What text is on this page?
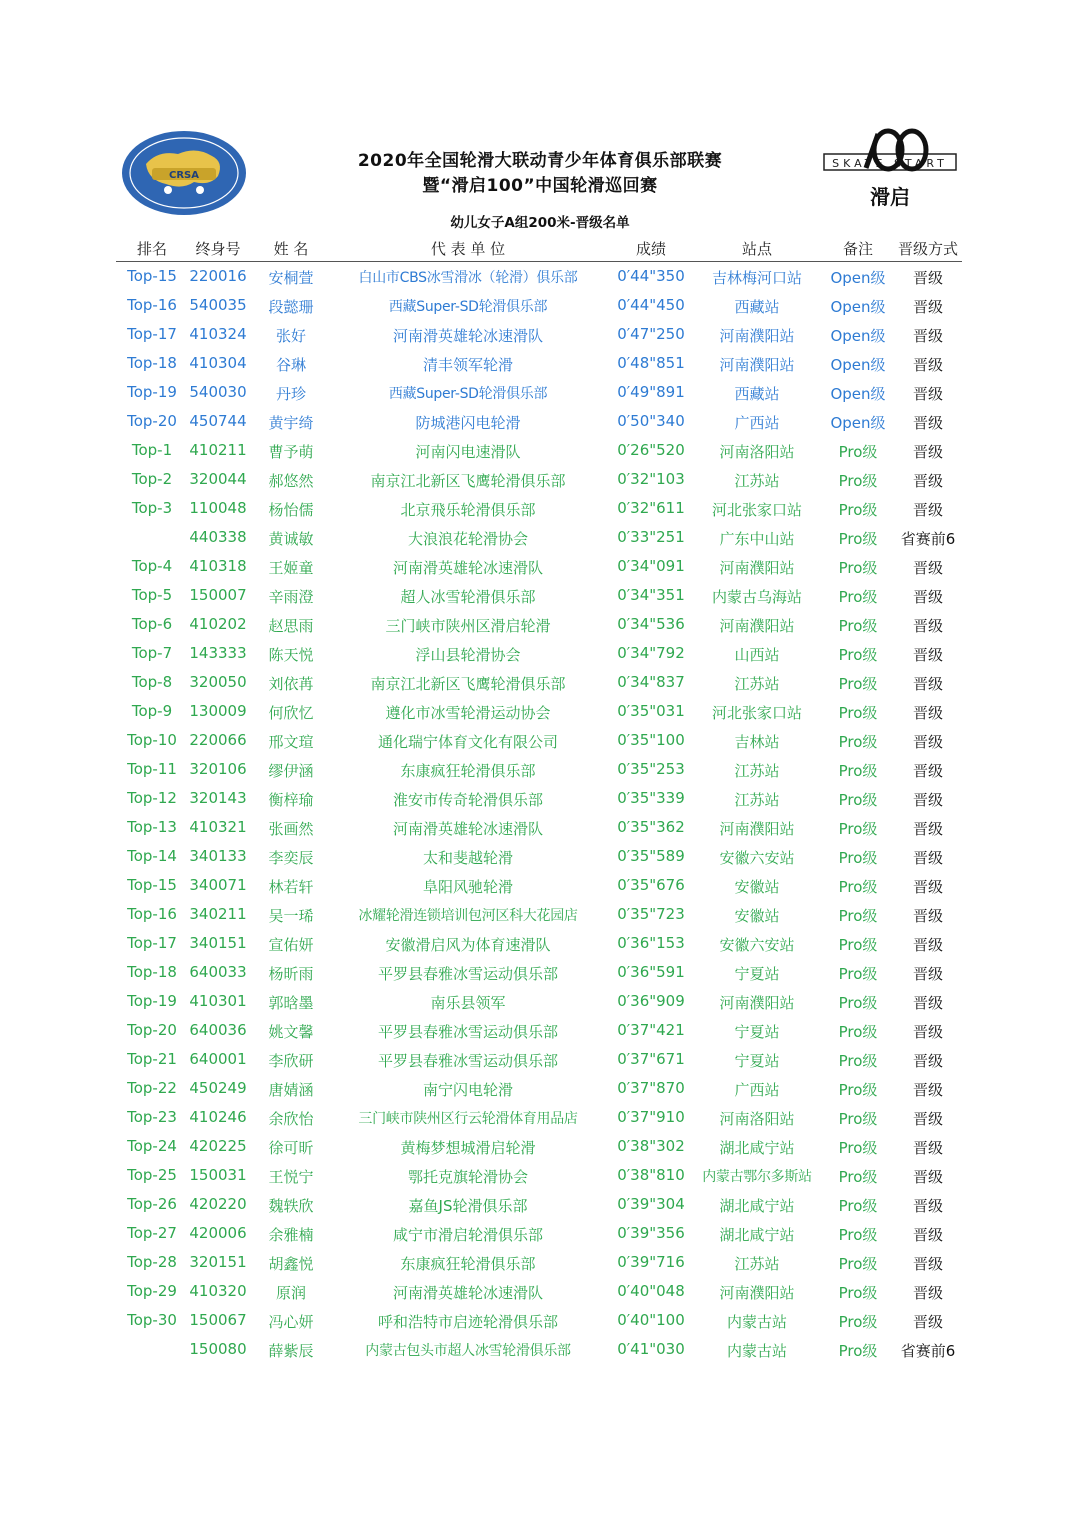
CRSA
SKATE START
滑启
2020年全国轮滑大联动青少年体育俱乐部联赛
暨“滑启100”中国轮滑巡回赛
幼儿女子A组200米-晋级名单
排名	终身号	姓 名	代 表 单 位	成绩	站点	备注	晋级方式
Top-15 220016	安桐萱	白山市CBS冰雪滑冰（轮滑）俱乐部	0′44"350	吉林梅河口站	Open级	晋级
Top-16 540035	段懿珊	西藏Super-SD轮滑俱乐部	0′44"450	西藏站	Open级	晋级
Top-17 410324	张好	河南滑英雄轮冰速滑队	0′47"250	河南濮阳站	Open级	晋级
Top-18 410304	谷琳	清丰领军轮滑	0′48"851	河南濮阳站	Open级	晋级
Top-19 540030	丹珍	西藏Super-SD轮滑俱乐部	0′49"891	西藏站	Open级	晋级
Top-20 450744	黄宇绮	防城港闪电轮滑	0′50"340	广西站	Open级	晋级
Top-1	410211	曹予萌	河南闪电速滑队	0′26"520	河南洛阳站	Pro级	晋级
Top-2	320044	郝悠然	南京江北新区飞鹰轮滑俱乐部	0′32"103	江苏站	Pro级	晋级
Top-3	110048	杨怡儒	北京飛乐轮滑俱乐部	0′32"611	河北张家口站	Pro级	晋级
440338	黄诚敏	大浪浪花轮滑协会	0′33"251	广东中山站	Pro级	省赛前6
Top-4	410318	王姬童	河南滑英雄轮冰速滑队	0′34"091	河南濮阳站	Pro级	晋级
Top-5	150007	辛雨澄	超人冰雪轮滑俱乐部	0′34"351	内蒙古乌海站	Pro级	晋级
Top-6	410202	赵思雨	三门峡市陕州区滑启轮滑	0′34"536	河南濮阳站	Pro级	晋级
Top-7	143333	陈天悦	浮山县轮滑协会	0′34"792	山西站	Pro级	晋级
Top-8	320050	刘依苒	南京江北新区飞鹰轮滑俱乐部	0′34"837	江苏站	Pro级	晋级
Top-9	130009	何欣忆	遵化市冰雪轮滑运动协会	0′35"031	河北张家口站	Pro级	晋级
Top-10 220066	邢文瑄	通化瑞宁体育文化有限公司	0′35"100	吉林站	Pro级	晋级
Top-11 320106	缪伊涵	东康疯狂轮滑俱乐部	0′35"253	江苏站	Pro级	晋级
Top-12 320143	衡梓瑜	淮安市传奇轮滑俱乐部	0′35"339	江苏站	Pro级	晋级
Top-13 410321	张画然	河南滑英雄轮冰速滑队	0′35"362	河南濮阳站	Pro级	晋级
Top-14 340133	李奕辰	太和斐越轮滑	0′35"589	安徽六安站	Pro级	晋级
Top-15 340071	林若轩	阜阳风驰轮滑	0′35"676	安徽站	Pro级	晋级
Top-16 340211	吴一琋	冰耀轮滑连锁培训包河区科大花园店	0′35"723	安徽站	Pro级	晋级
Top-17 340151	宣佑妍	安徽滑启风为体育速滑队	0′36"153	安徽六安站	Pro级	晋级
Top-18 640033	杨昕雨	平罗县春雅冰雪运动俱乐部	0′36"591	宁夏站	Pro级	晋级
Top-19 410301	郭晗墨	南乐县领军	0′36"909	河南濮阳站	Pro级	晋级
Top-20 640036	姚文馨	平罗县春雅冰雪运动俱乐部	0′37"421	宁夏站	Pro级	晋级
Top-21 640001	李欣研	平罗县春雅冰雪运动俱乐部	0′37"671	宁夏站	Pro级	晋级
Top-22 450249	唐婧涵	南宁闪电轮滑	0′37"870	广西站	Pro级	晋级
Top-23 410246	余欣怡	三门峡市陕州区行云轮滑体育用品店	0′37"910	河南洛阳站	Pro级	晋级
Top-24 420225	徐可昕	黄梅梦想城滑启轮滑	0′38"302	湖北咸宁站	Pro级	晋级
Top-25 150031	王悦宁	鄂托克旗轮滑协会	0′38"810	内蒙古鄂尔多斯站	Pro级	晋级
Top-26 420220	魏轶欣	嘉鱼JS轮滑俱乐部	0′39"304	湖北咸宁站	Pro级	晋级
Top-27 420006	余雅楠	咸宁市滑启轮滑俱乐部	0′39"356	湖北咸宁站	Pro级	晋级
Top-28 320151	胡鑫悦	东康疯狂轮滑俱乐部	0′39"716	江苏站	Pro级	晋级
Top-29 410320	原润	河南滑英雄轮冰速滑队	0′40"048	河南濮阳站	Pro级	晋级
Top-30 150067	冯心妍	呼和浩特市启迹轮滑俱乐部	0′40"100	内蒙古站	Pro级	晋级
150080	薛紫辰	内蒙古包头市超人冰雪轮滑俱乐部	0′41"030	内蒙古站	Pro级	省赛前6
